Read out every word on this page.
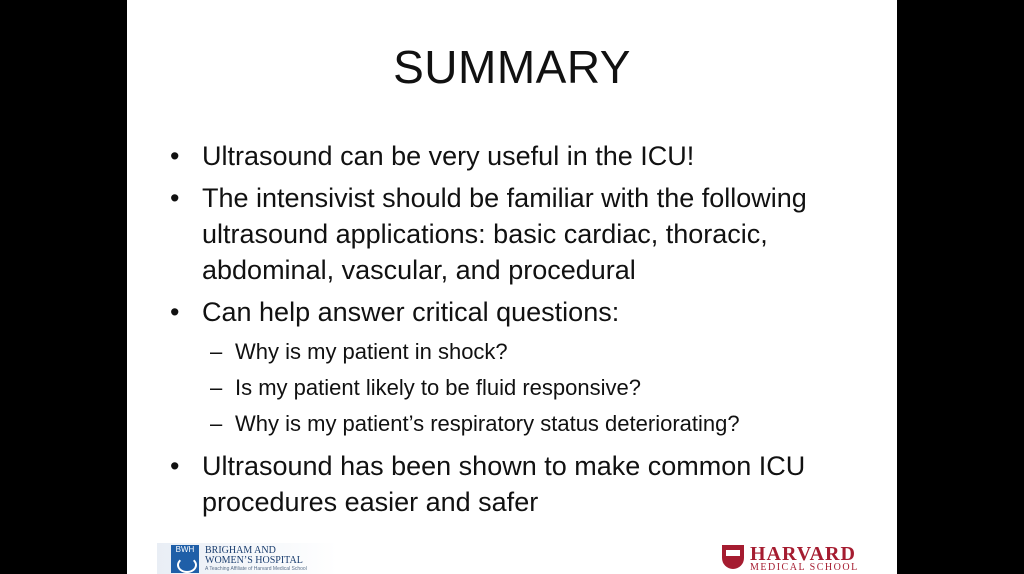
SUMMARY
• Ultrasound can be very useful in the ICU!
• The intensivist should be familiar with the following ultrasound applications: basic cardiac, thoracic, abdominal, vascular, and procedural
• Can help answer critical questions:
– Why is my patient in shock?
– Is my patient likely to be fluid responsive?
– Why is my patient’s respiratory status deteriorating?
• Ultrasound has been shown to make common ICU procedures easier and safer
BWH	BRIGHAM AND
WOMEN’S HOSPITAL
A Teaching Affiliate of Harvard Medical School
HARVARD
MEDICAL SCHOOL
